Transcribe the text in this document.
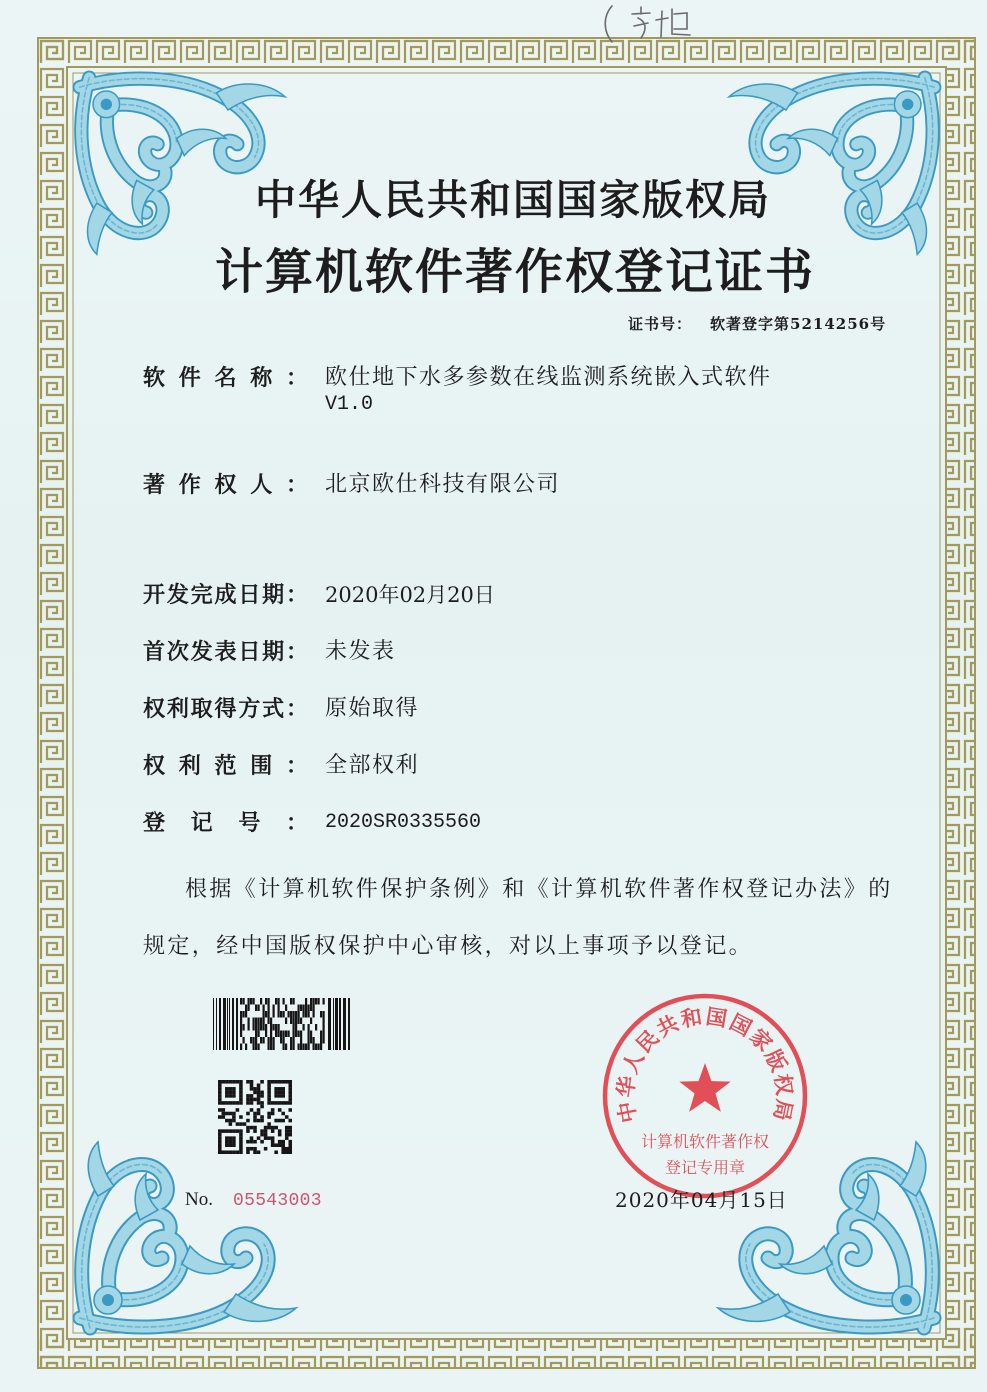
中华人民共和国国家版权局
计算机软件著作权登记证书
证书号： 软著登字第5214256号
软件名称： 欧仕地下水多参数在线监测系统嵌入式软件
V1.0
著作权人： 北京欧仕科技有限公司
开发完成日期： 2020年02月20日
首次发表日期： 未发表
权利取得方式： 原始取得
权利范围： 全部权利
登记号： 2020SR0335560
根据《计算机软件保护条例》和《计算机软件著作权登记办法》的
规定，经中国版权保护中心审核，对以上事项予以登记。
No. 05543003
中华人民共和国国家版权局
计算机软件著作权
登记专用章
2020年04月15日
